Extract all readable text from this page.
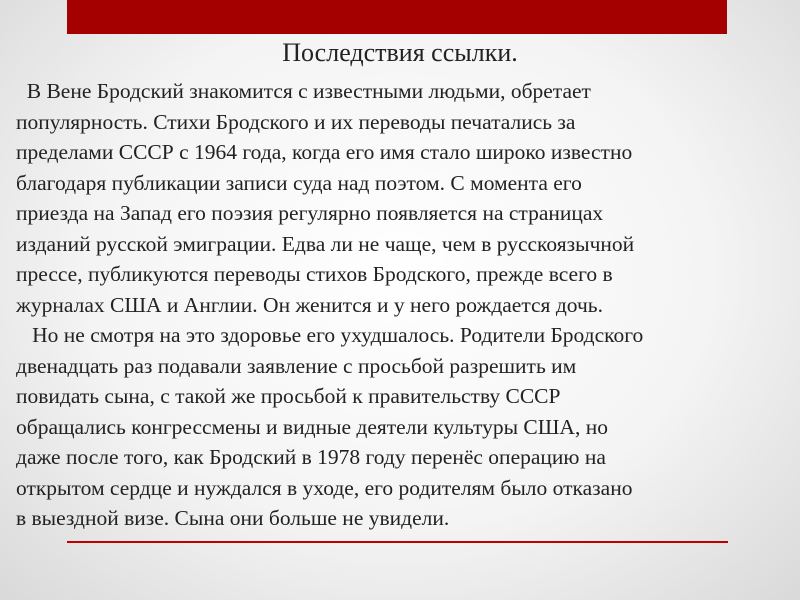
Последствия ссылки.
В Вене Бродский знакомится с известными людьми, обретает
популярность. Стихи Бродского и их переводы печатались за
пределами СССР с 1964 года, когда его имя стало широко известно
благодаря публикации записи суда над поэтом. С момента его
приезда на Запад его поэзия регулярно появляется на страницах
изданий русской эмиграции. Едва ли не чаще, чем в русскоязычной
прессе, публикуются переводы стихов Бродского, прежде всего в
журналах США и Англии. Он женится и у него рождается дочь.
Но не смотря на это здоровье его ухудшалось. Родители Бродского
двенадцать раз подавали заявление с просьбой разрешить им
повидать сына, с такой же просьбой к правительству СССР
обращались конгрессмены и видные деятели культуры США, но
даже после того, как Бродский в 1978 году перенёс операцию на
открытом сердце и нуждался в уходе, его родителям было отказано
в выездной визе. Сына они больше не увидели.
